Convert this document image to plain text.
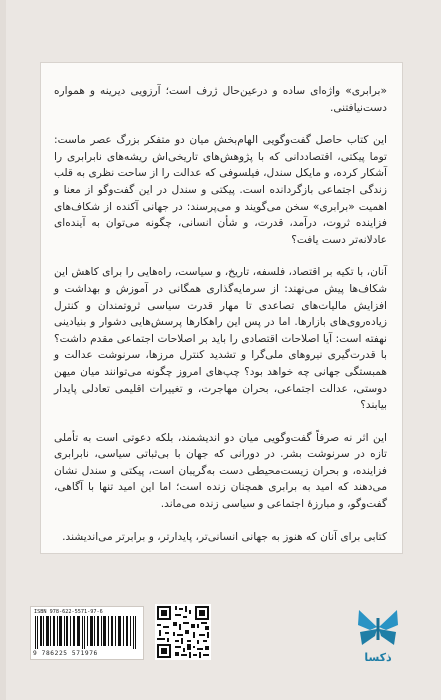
«برابری» واژه‌ای ساده و درعین‌حال ژرف است؛ آرزویی دیرینه و همواره دست‌نیافتنی.

این کتاب حاصل گفت‌وگویی الهام‌بخش میان دو متفکر بزرگ عصر ماست: توما پیکتی، اقتصاددانی که با پژوهش‌های تاریخی‌اش ریشه‌های نابرابری را آشکار کرده، و مایکل سندل، فیلسوفی که عدالت را از ساحت نظری به قلب زندگی اجتماعی بازگردانده است. پیکتی و سندل در این گفت‌وگو از معنا و اهمیت «برابری» سخن می‌گویند و می‌پرسند: در جهانی آکنده از شکاف‌های فزاینده ثروت، درآمد، قدرت، و شأن انسانی، چگونه می‌توان به آینده‌ای عادلانه‌تر دست یافت؟

آنان، با تکیه بر اقتصاد، فلسفه، تاریخ، و سیاست، راه‌هایی را برای کاهش این شکاف‌ها پیش می‌نهند: از سرمایه‌گذاری همگانی در آموزش و بهداشت و افزایش مالیات‌های تصاعدی تا مهار قدرت سیاسی ثروتمندان و کنترل زیاده‌روی‌های بازارها. اما در پس این راهکارها پرسش‌هایی دشوار و بنیادینی نهفته است: آیا اصلاحات اقتصادی را باید بر اصلاحات اجتماعی مقدم داشت؟ با قدرت‌گیری نیروهای ملی‌گرا و تشدید کنترل مرزها، سرنوشت عدالت و همبستگی جهانی چه خواهد بود؟ چپ‌های امروز چگونه می‌توانند میان میهن دوستی، عدالت اجتماعی، بحران مهاجرت، و تغییرات اقلیمی تعادلی پایدار بیابند؟

این اثر نه صرفاً گفت‌وگویی میان دو اندیشمند، بلکه دعوتی است به تأملی تازه در سرنوشت بشر. در دورانی که جهان با بی‌ثباتی سیاسی، نابرابری فزاینده، و بحران زیست‌محیطی دست به‌گریبان است، پیکتی و سندل نشان می‌دهند که امید به برابری همچنان زنده است؛ اما این امید تنها با آگاهی، گفت‌وگو، و مبارزهٔ اجتماعی و سیاسی زنده می‌ماند.

کتابی برای آنان که هنوز به جهانی انسانی‌تر، پایدارتر، و برابرتر می‌اندیشند.

ISBN 978-622-5571-97-6
9 786225 571976	ذکسا
